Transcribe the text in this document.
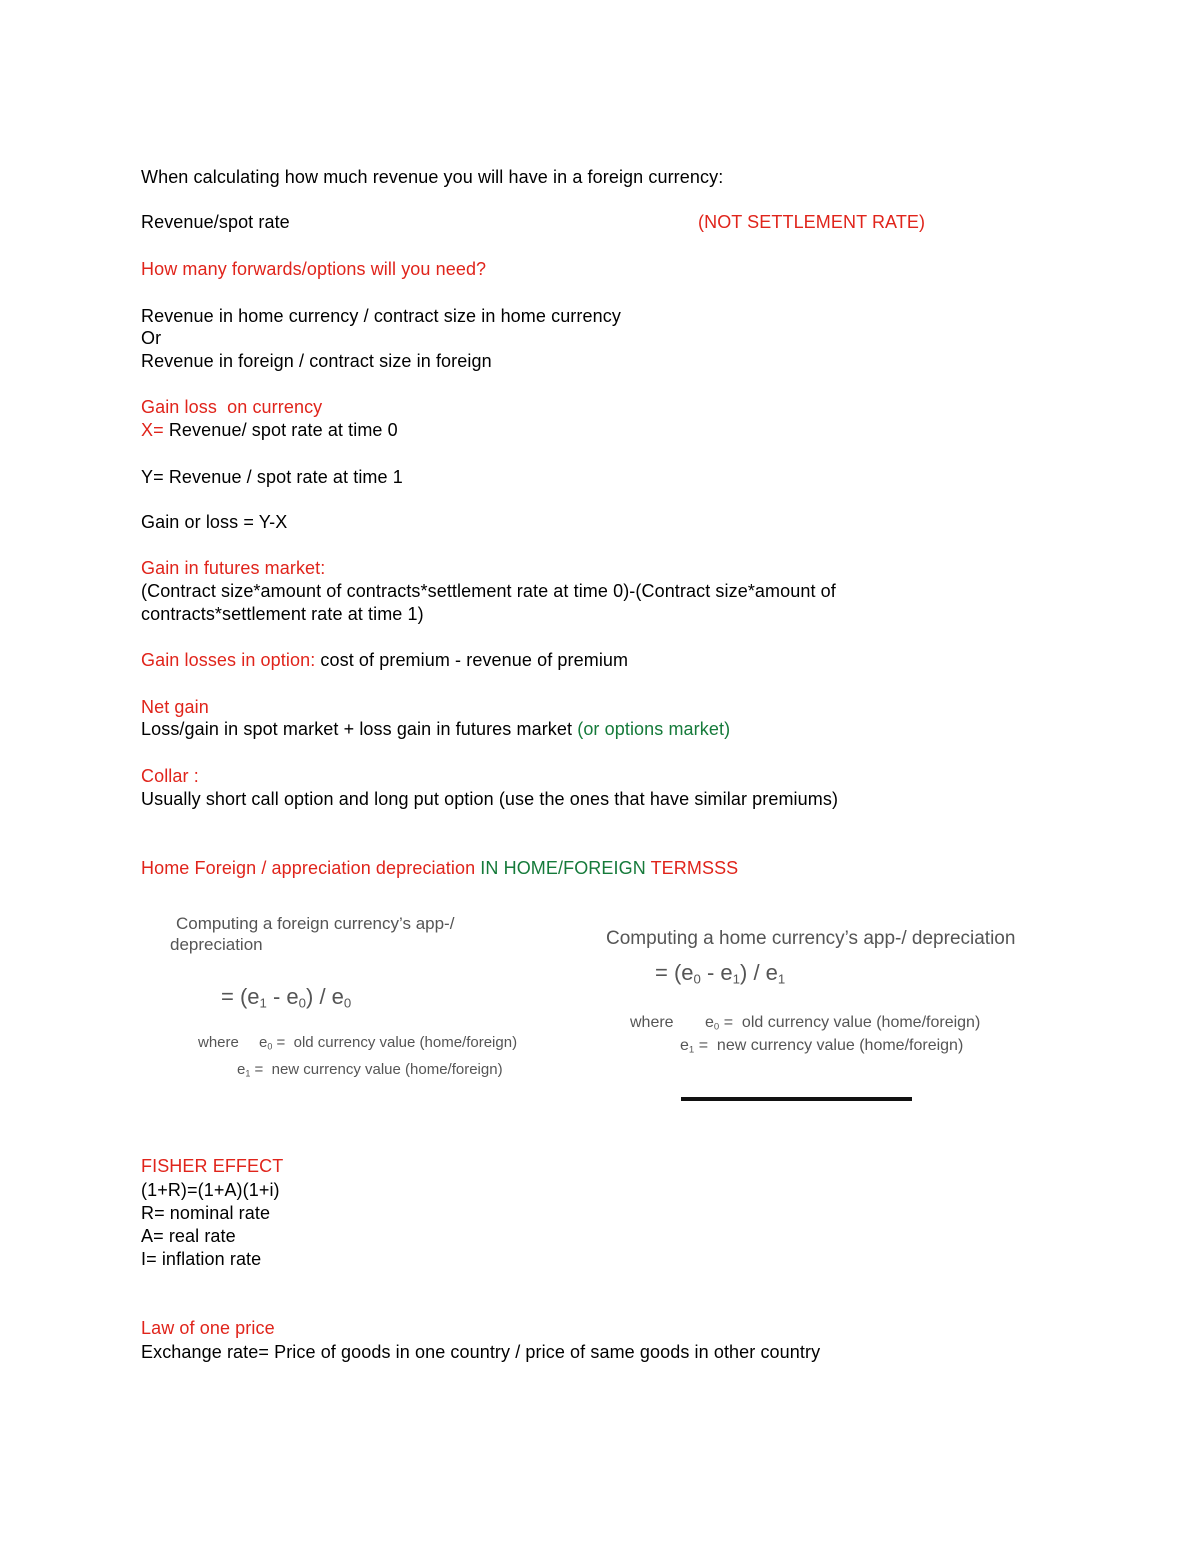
When calculating how much revenue you will have in a foreign currency:

Revenue/spot rate	(NOT SETTLEMENT RATE)

How many forwards/options will you need?

Revenue in home currency / contract size in home currency

Or

Revenue in foreign / contract size in foreign

Gain loss  on currency

X= Revenue/ spot rate at time 0

Y= Revenue / spot rate at time 1

Gain or loss = Y-X

Gain in futures market:

(Contract size*amount of contracts*settlement rate at time 0)-(Contract size*amount of

contracts*settlement rate at time 1)

Gain losses in option: cost of premium - revenue of premium

Net gain

Loss/gain in spot market + loss gain in futures market (or options market)

Collar :

Usually short call option and long put option (use the ones that have similar premiums)

Home Foreign / appreciation depreciation IN HOME/FOREIGN TERMSSS

Computing a foreign currency’s app-/
depreciation
= $(e_1 - e_0) / e_0$
where $e_0$ =  old currency value (home/foreign)
$e_1$ =  new currency value (home/foreign)
Computing a home currency’s app-/ depreciation
= $(e_0 - e_1) / e_1$
where $e_0$ =  old currency value (home/foreign)
$e_1$ =  new currency value (home/foreign)

FISHER EFFECT

(1+R)=(1+A)(1+i)

R= nominal rate

A= real rate

I= inflation rate

Law of one price

Exchange rate= Price of goods in one country / price of same goods in other country
